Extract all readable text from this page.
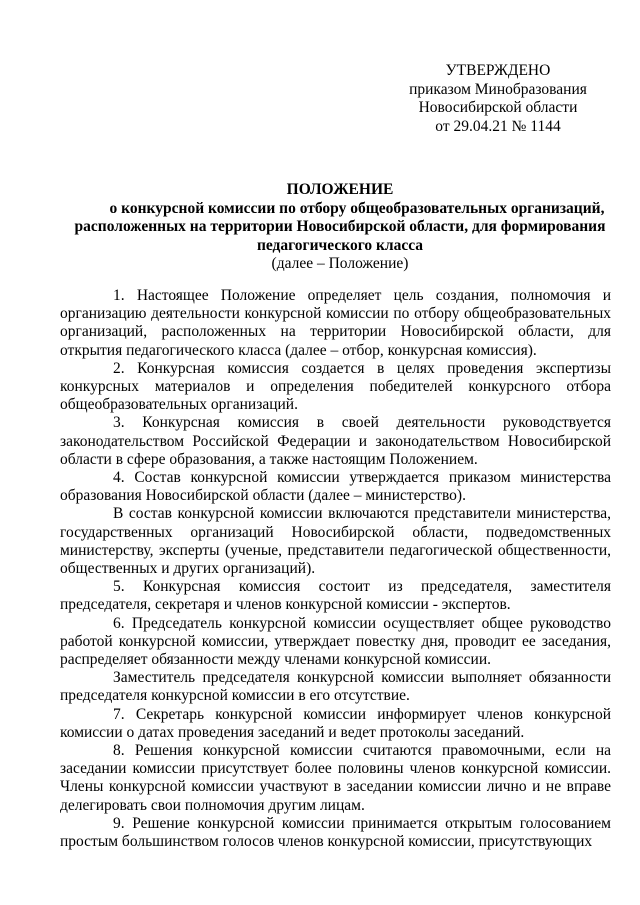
УТВЕРЖДЕНО
приказом Минобразования
Новосибирской области
от 29.04.21 № 1144
ПОЛОЖЕНИЕ
о конкурсной комиссии по отбору общеобразовательных организаций,
расположенных на территории Новосибирской области, для формирования
педагогического класса
(далее – Положение)

1. Настоящее Положение определяет цель создания, полномочия и организацию деятельности конкурсной комиссии по отбору общеобразовательных организаций, расположенных на территории Новосибирской области, для открытия педагогического класса (далее – отбор, конкурсная комиссия).

2. Конкурсная комиссия создается в целях проведения экспертизы конкурсных материалов и определения победителей конкурсного отбора общеобразовательных организаций.

3. Конкурсная комиссия в своей деятельности руководствуется законодательством Российской Федерации и законодательством Новосибирской области в сфере образования, а также настоящим Положением.

4. Состав конкурсной комиссии утверждается приказом министерства образования Новосибирской области (далее – министерство).

В состав конкурсной комиссии включаются представители министерства, государственных организаций Новосибирской области, подведомственных министерству, эксперты (ученые, представители педагогической общественности, общественных и других организаций).

5. Конкурсная комиссия состоит из председателя, заместителя председателя, секретаря и членов конкурсной комиссии - экспертов.

6. Председатель конкурсной комиссии осуществляет общее руководство работой конкурсной комиссии, утверждает повестку дня, проводит ее заседания, распределяет обязанности между членами конкурсной комиссии.

Заместитель председателя конкурсной комиссии выполняет обязанности председателя конкурсной комиссии в его отсутствие.

7. Секретарь конкурсной комиссии информирует членов конкурсной комиссии о датах проведения заседаний и ведет протоколы заседаний.

8. Решения конкурсной комиссии считаются правомочными, если на заседании комиссии присутствует более половины членов конкурсной комиссии. Члены конкурсной комиссии участвуют в заседании комиссии лично и не вправе делегировать свои полномочия другим лицам.

9. Решение конкурсной комиссии принимается открытым голосованием простым большинством голосов членов конкурсной комиссии, присутствующих
